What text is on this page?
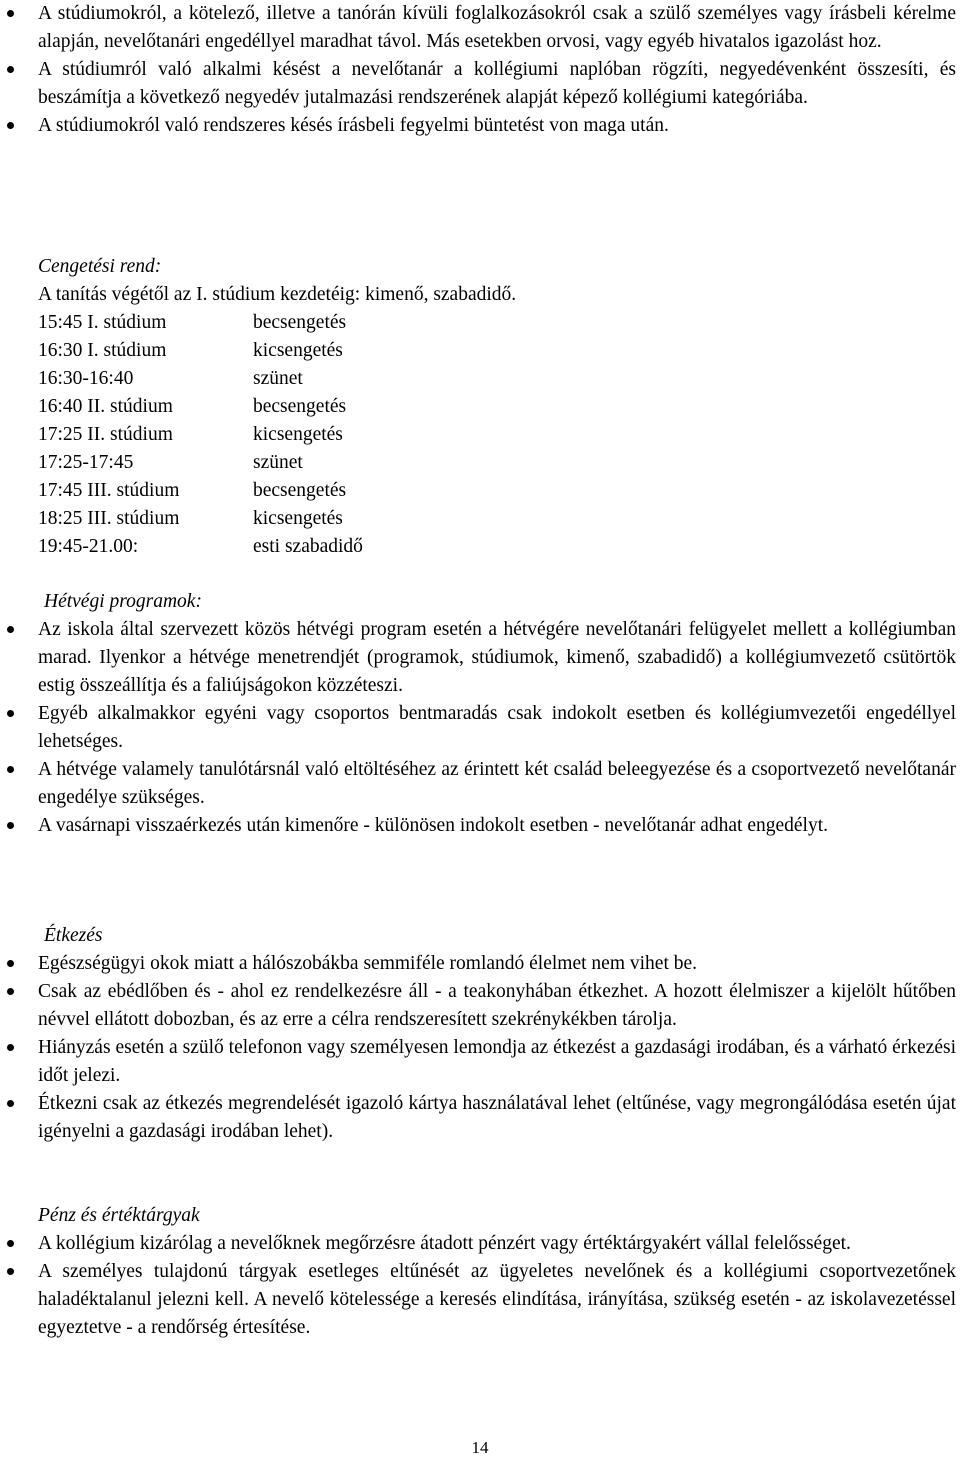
A stúdiumokról, a kötelező, illetve a tanórán kívüli foglalkozásokról csak a szülő személyes vagy írásbeli kérelme alapján, nevelőtanári engedéllyel maradhat távol. Más esetekben orvosi, vagy egyéb hivatalos igazolást hoz.
A stúdiumról való alkalmi késést a nevelőtanár a kollégiumi naplóban rögzíti, negyedévenként összesíti, és beszámítja a következő negyedév jutalmazási rendszerének alapját képező kollégiumi kategóriába.
A stúdiumokról való rendszeres késés írásbeli fegyelmi büntetést von maga után.
Cengetési rend:
A tanítás végétől az I. stúdium kezdetéig: kimenő, szabadidő.
15:45 I. stúdium	becsengetés
16:30 I. stúdium	kicsengetés
16:30-16:40	szünet
16:40 II. stúdium	becsengetés
17:25 II. stúdium	kicsengetés
17:25-17:45	szünet
17:45 III. stúdium	becsengetés
18:25 III. stúdium	kicsengetés
19:45-21.00:	esti szabadidő
Hétvégi programok:
Az iskola által szervezett közös hétvégi program esetén a hétvégére nevelőtanári felügyelet mellett a kollégiumban marad. Ilyenkor a hétvége menetrendjét (programok, stúdiumok, kimenő, szabadidő) a kollégiumvezető csütörtök estig összeállítja és a faliújságokon közzéteszi.
Egyéb alkalmakkor egyéni vagy csoportos bentmaradás csak indokolt esetben és kollégiumvezetői engedéllyel lehetséges.
A hétvége valamely tanulótársnál való eltöltéséhez az érintett két család beleegyezése és a csoportvezető nevelőtanár engedélye szükséges.
A vasárnapi visszaérkezés után kimenőre - különösen indokolt esetben - nevelőtanár adhat engedélyt.
Étkezés
Egészségügyi okok miatt a hálószobákba semmiféle romlandó élelmet nem vihet be.
Csak az ebédlőben és - ahol ez rendelkezésre áll - a teakonyhában étkezhet. A hozott élelmiszer a kijelölt hűtőben névvel ellátott dobozban, és az erre a célra rendszeresített szekrénykékben tárolja.
Hiányzás esetén a szülő telefonon vagy személyesen lemondja az étkezést a gazdasági irodában, és a várható érkezési időt jelezi.
Étkezni csak az étkezés megrendelését igazoló kártya használatával lehet (eltűnése, vagy megrongálódása esetén újat igényelni a gazdasági irodában lehet).
Pénz és értéktárgyak
A kollégium kizárólag a nevelőknek megőrzésre átadott pénzért vagy értéktárgyakért vállal felelősséget.
A személyes tulajdonú tárgyak esetleges eltűnését az ügyeletes nevelőnek és a kollégiumi csoportvezetőnek haladéktalanul jelezni kell. A nevelő kötelessége a keresés elindítása, irányítása, szükség esetén - az iskolavezetéssel egyeztetve - a rendőrség értesítése.
14
